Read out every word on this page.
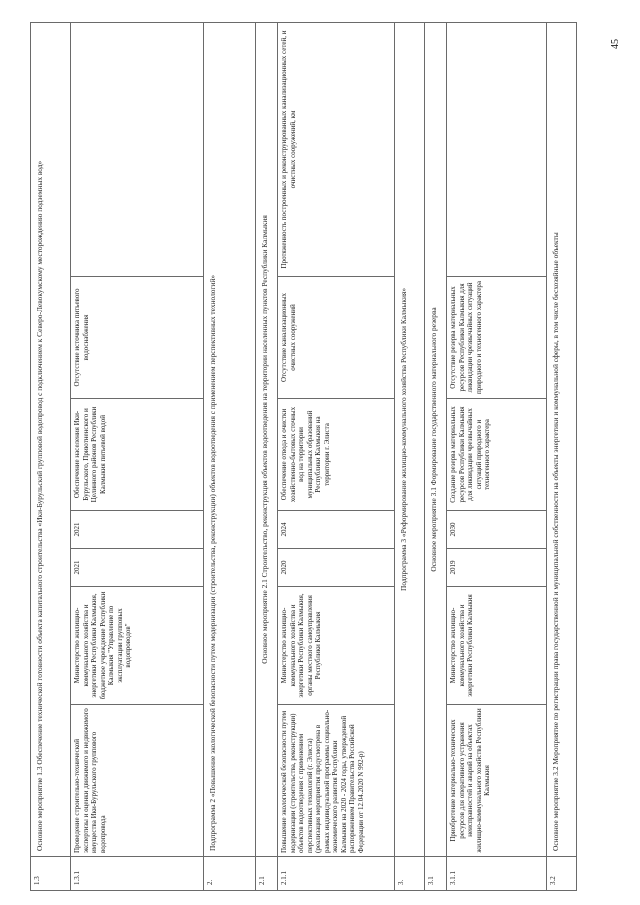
1.3	Основное мероприятие 1.3 Обеспечение технической готовности объекта капитального строительства «Ики-Бурульский групповой водопровод с подключением к Северо-Левокумскому месторождению подземных вод»						
1.3.1	Проведение строительно-технической экспертизы и оценки движимого и недвижимого имущества Ики-Бурульского группового водопровода	Министерство жилищно-коммунального хозяйства и энергетики Республики Калмыкия, бюджетное учреждение Республики Калмыкия "Управление по эксплуатации групповых водопроводов"	2021	2021	Обеспечение населения Ики-Бурульского, Приютненского и Целинного районов Республики Калмыкия питьевой водой	Отсутствие источника питьевого водоснабжения	
2.	Подпрограмма 2 «Повышение экологической безопасности путем модернизации (строительства, реконструкции) объектов водоотведения с применением перспективных технологий»						
2.1	Основное мероприятие 2.1 Строительство, реконструкция объектов водоотведения на территории населенных пунктов Республики Калмыкия						
2.1.1	Повышение экологической безопасности путем модернизации (строительства, реконструкции) объектов водоотведения с применением перспективных технологий (г. Элиста) (реализация мероприятия предусмотрена в рамках индивидуальной программы социально-экономического развития Республики Калмыкия на 2020 - 2024 годы, утвержденной распоряжением Правительства Российской Федерации от 12.04.2020 N 992-р)	Министерство жилищно-коммунального хозяйства и энергетики Республики Калмыкия, органы местного самоуправления Республики Калмыкия	2020	2024	Обеспечение отвода и очистки хозяйственно-бытовых сточных вод на территории муниципальных образований Республики Калмыкия на территории г. Элиста	Отсутствие канализационных очистных сооружений	Протяженность построенных и реконструированных канализационных сетей, и очистных сооружений, км
3.	Подпрограмма 3 «Реформирование жилищно-коммунального хозяйства Республики Калмыкия»						
3.1	Основное мероприятие 3.1 Формирование государственного материального резерва						
3.1.1	Приобретение материально-технических ресурсов для оперативного устранения неисправностей и аварий на объектах жилищно-коммунального хозяйства Республики Калмыкия	Министерство жилищно-коммунального хозяйства и энергетики Республики Калмыкия	2019	2030	Создание резерва материальных ресурсов Республики Калмыкия для ликвидации чрезвычайных ситуаций природного и техногенного характера	Отсутствие резерва материальных ресурсов Республики Калмыкия для ликвидации чрезвычайных ситуаций природного и техногенного характера	
3.2	Основное мероприятие 3.2 Мероприятие по регистрации права государственной и муниципальной собственности на объекты энергетики и коммунальной сферы, в том числе бесхозяйные объекты						
45
